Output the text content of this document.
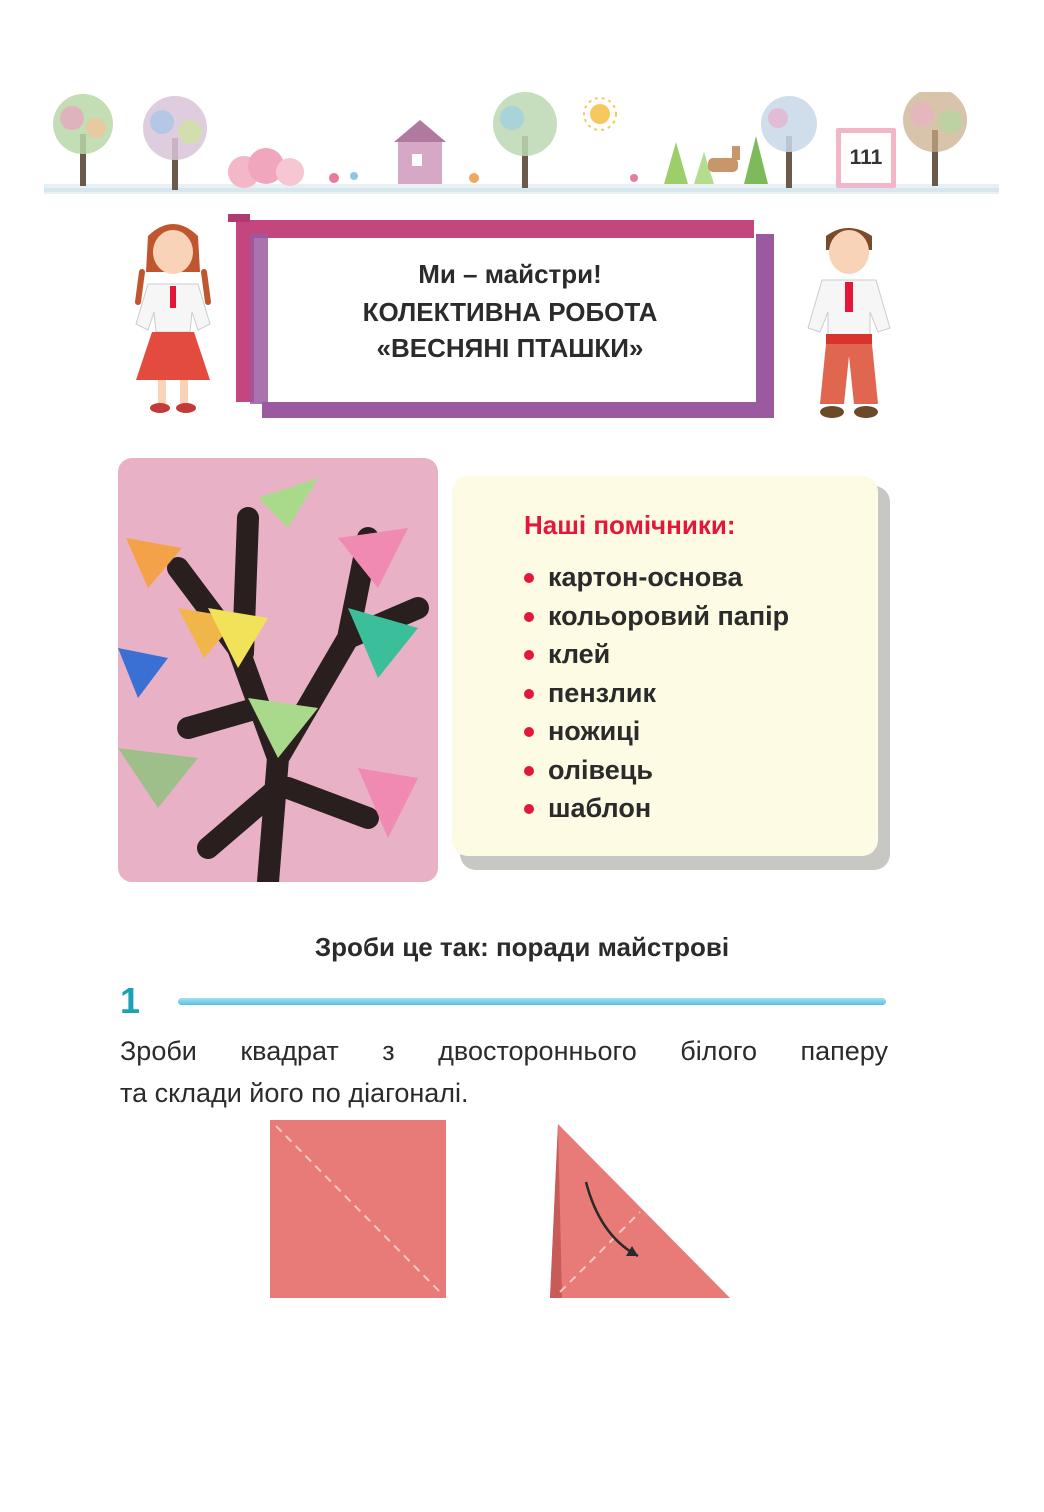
111
Ми – майстри!
КОЛЕКТИВНА РОБОТА
«ВЕСНЯНІ ПТАШКИ»
Наші помічники:
картон-основа
кольоровий папір
клей
пензлик
ножиці
олівець
шаблон
Зроби це так: поради майстрові
1
Зроби квадрат з двостороннього білого паперу
та склади його по діагоналі.
